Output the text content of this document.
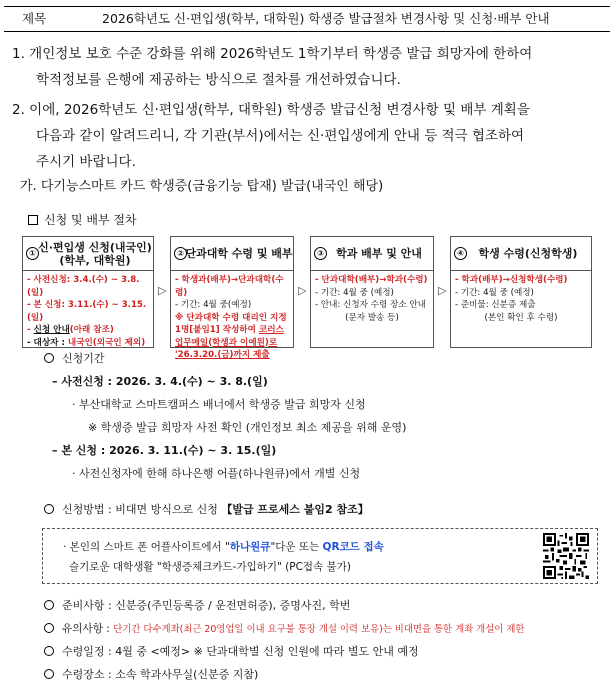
제목	2026학년도 신·편입생(학부, 대학원) 학생증 발급절차 변경사항 및 신청·배부 안내
1. 개인정보 보호 수준 강화를 위해 2026학년도 1학기부터 학생증 발급 희망자에 한하여
학적정보를 은행에 제공하는 방식으로 절차를 개선하였습니다.
2. 이에, 2026학년도 신·편입생(학부, 대학원) 학생증 발급신청 변경사항 및 배부 계획을
다음과 같이 알려드리니, 각 기관(부서)에서는 신·편입생에게 안내 등 적극 협조하여
주시기 바랍니다.
가. 다기능스마트 카드 학생증(금융기능 탑재) 발급(내국인 해당)
신청 및 배부 절차
① 신·편입생 신청(내국인)
(학부, 대학원)
- 사전신청: 3.4.(수) ~ 3.8.(일)
- 본 신청: 3.11.(수) ~ 3.15.(일)
- 신청 안내(아래 참조)
- 대상자 : 내국인(외국인 제외)
▷
② 단과대학 수령 및 배부
- 학생과(배부)→단과대학(수령)
- 기간: 4월 중(예정)
※ 단과대학 수령 대리인 지정
1명[붙임1] 작성하여 코러스
업무메일(학생과 이예원)로
'26.3.20.(금)까지 제출
▷
③ 학과 배부 및 안내
- 단과대학(배부)→학과(수령)
- 기간: 4월 중 (예정)
- 안내: 신청자 수령 장소 안내
(문자 발송 등)
▷
④ 학생 수령(신청학생)
- 학과(배부)→신청학생(수령)
- 기간: 4월 중 (예정)
- 준비물: 신분증 제출
(본인 확인 후 수령)
신청기간
– 사전신청 : 2026. 3. 4.(수) ~ 3. 8.(일)
· 부산대학교 스마트캠퍼스 배너에서 학생증 발급 희망자 신청
※ 학생증 발급 희망자 사전 확인 (개인정보 최소 제공을 위해 운영)
– 본 신청 : 2026. 3. 11.(수) ~ 3. 15.(일)
· 사전신청자에 한해 하나은행 어플(하나원큐)에서 개별 신청
신청방법 : 비대면 방식으로 신청 【발급 프로세스 붙임2 참조】
· 본인의 스마트 폰 어플사이트에서 "하나원큐"다운 또는 QR코드 접속
슬기로운 대학생활 "학생증체크카드-가입하기" (PC접속 불가)
준비사항 : 신분증(주민등록증 / 운전면허증), 증명사진, 학번
유의사항 : 단기간 다수계좌(최근 20영업일 이내 요구불 통장 개설 이력 보유)는 비대면을 통한 계좌 개설이 제한
수령일정 : 4월 중 <예정> ※ 단과대학별 신청 인원에 따라 별도 안내 예정
수령장소 : 소속 학과사무실(신분증 지참)
